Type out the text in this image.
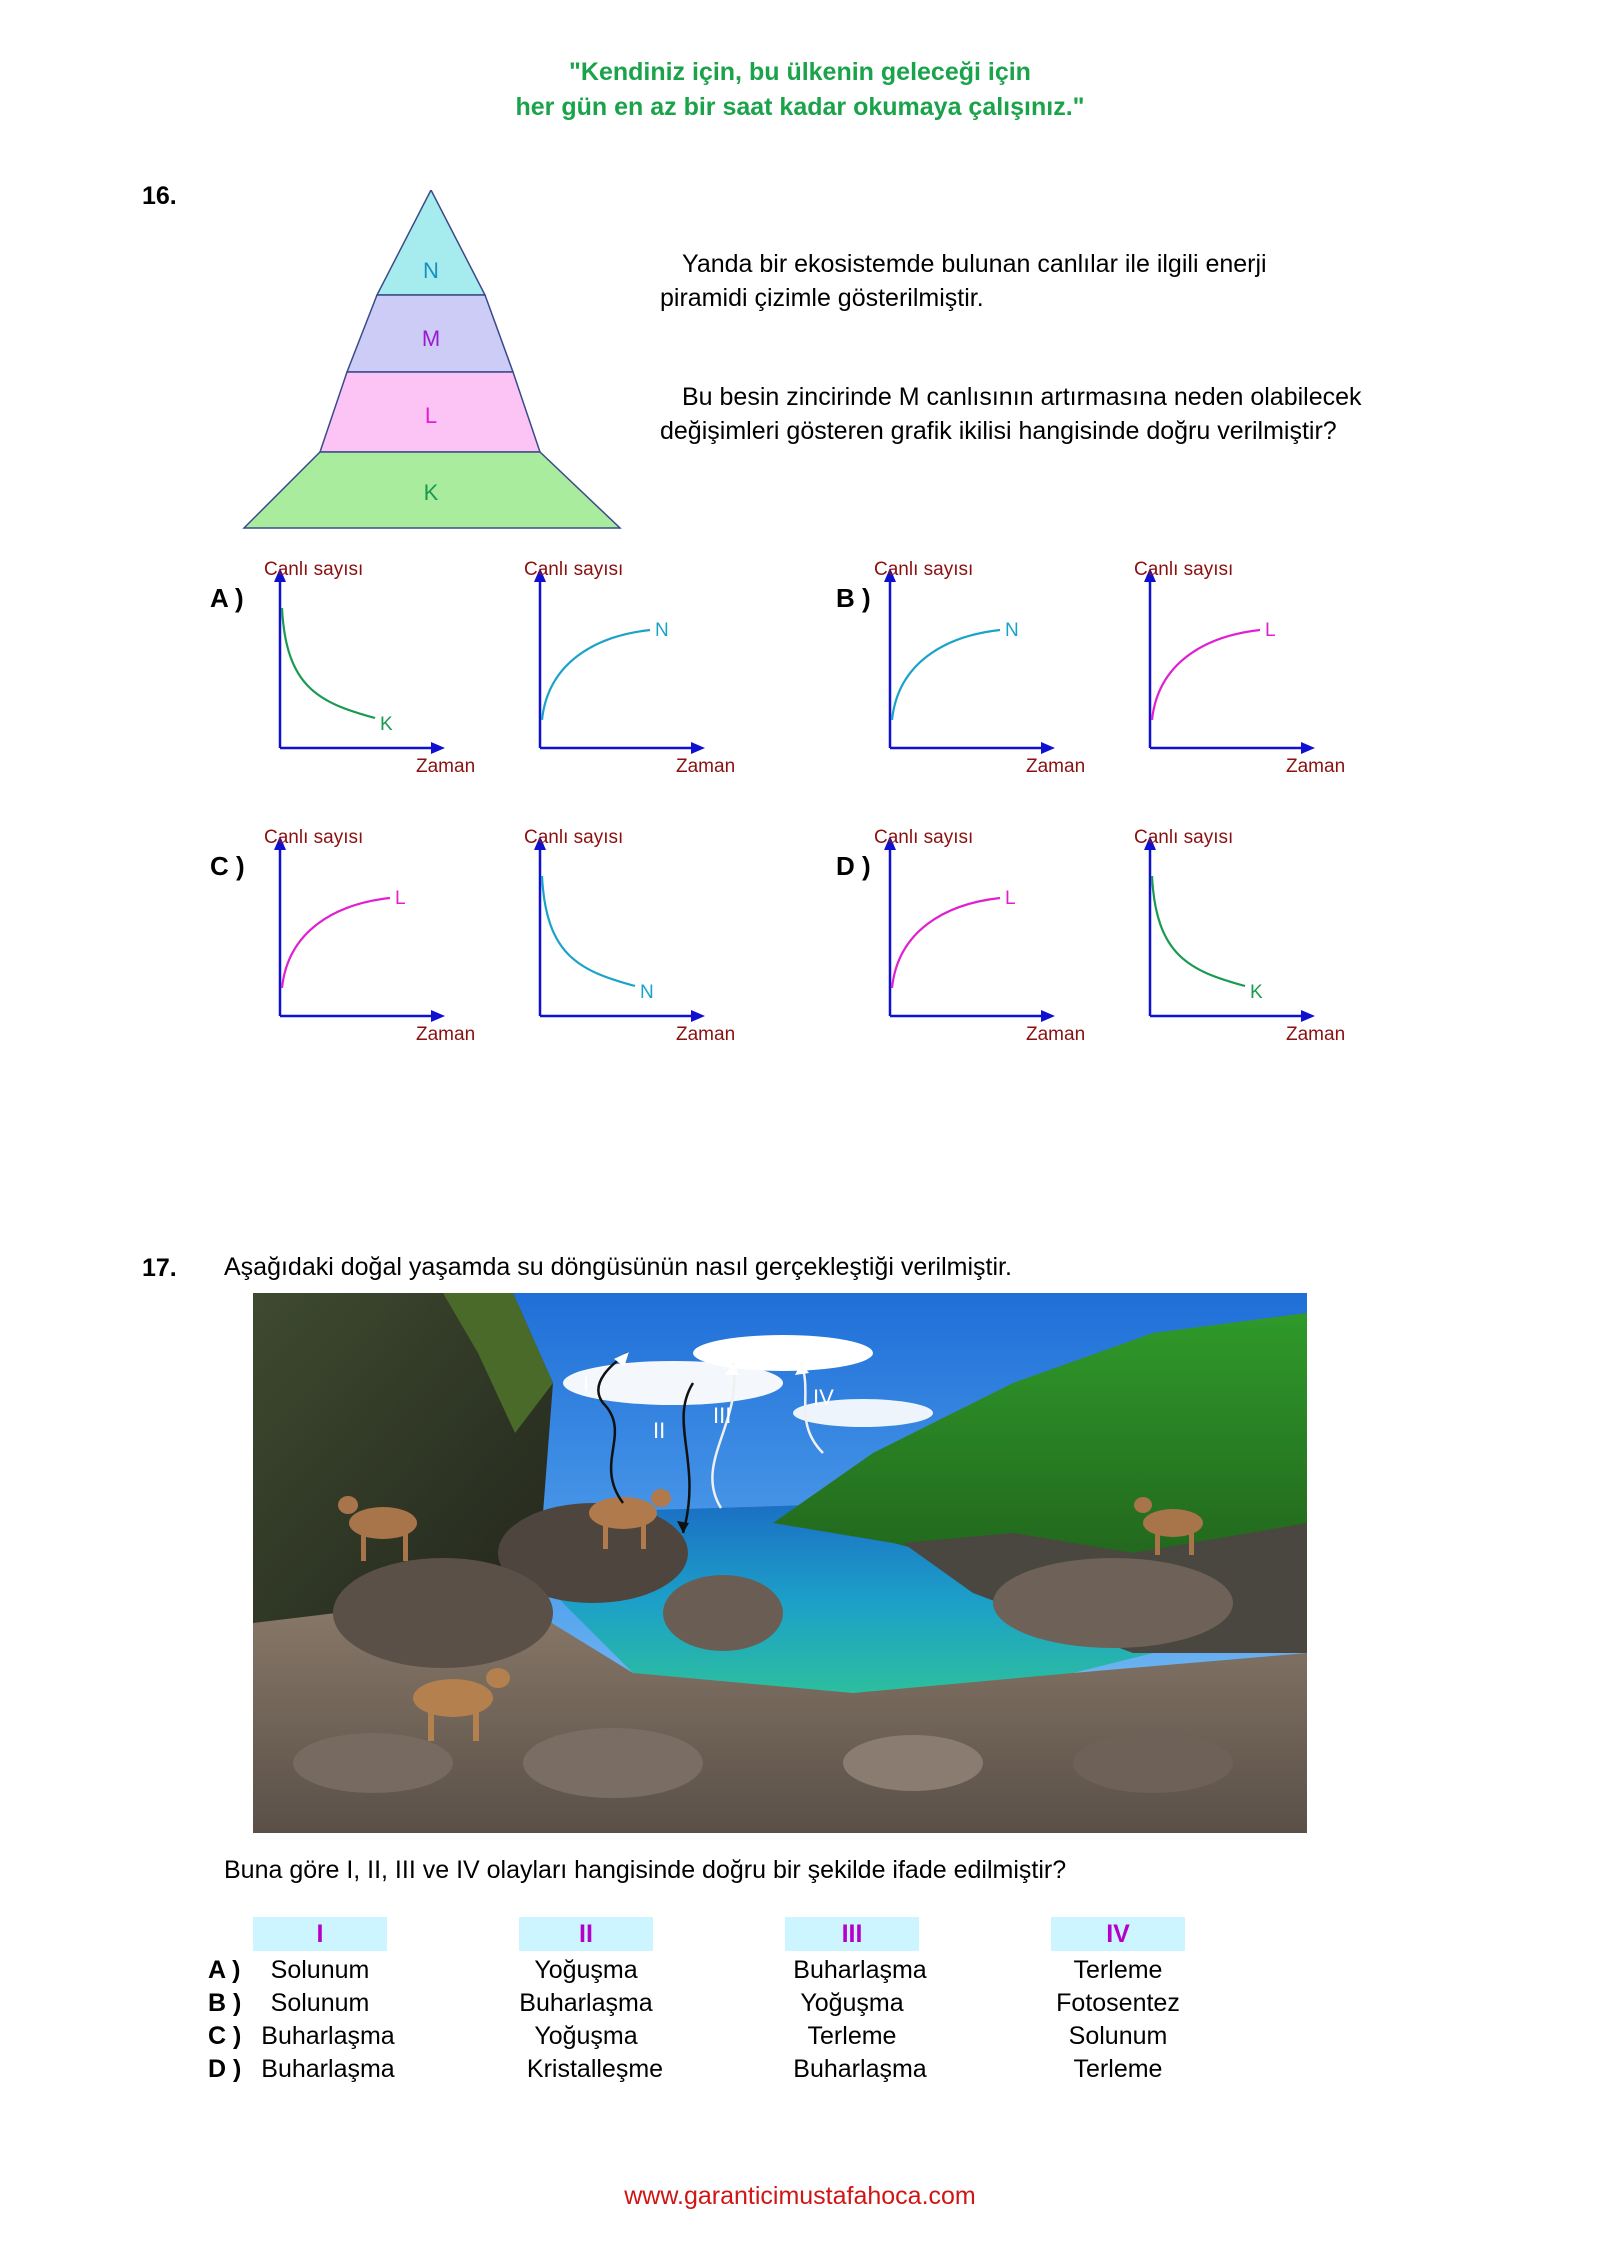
"Kendiniz için, bu ülkenin geleceği için
her gün en az bir saat kadar okumaya çalışınız."
16.
N
M
L
K
Yanda bir ekosistemde bulunan canlılar ile ilgili enerji
piramidi çizimle gösterilmiştir.
Bu besin zincirinde M canlısının artırmasına neden olabilecek
değişimleri gösteren grafik ikilisi hangisinde doğru verilmiştir?
A )	B )
C )	D )
Canlı sayısı
Zaman
K
Canlı sayısı
Zaman
N
Canlı sayısı
Zaman
N
Canlı sayısı
Zaman
L
Canlı sayısı
Zaman
L
Canlı sayısı
Zaman
N
Canlı sayısı
Zaman
L
Canlı sayısı
Zaman
K
17. Aşağıdaki doğal yaşamda su döngüsünün nasıl gerçekleştiği verilmiştir.
I
II
III
IV
Buna göre I, II, III ve IV olayları hangisinde doğru bir şekilde ifade edilmiştir?
I	II	III	IV
A )	Solunum	Yoğuşma	Buharlaşma	Terleme
B )	Solunum	Buharlaşma	Yoğuşma	Fotosentez
C ) Buharlaşma	Yoğuşma	Terleme	Solunum
D ) Buharlaşma	Kristalleşme	Buharlaşma	Terleme
www.garanticimustafahoca.com
